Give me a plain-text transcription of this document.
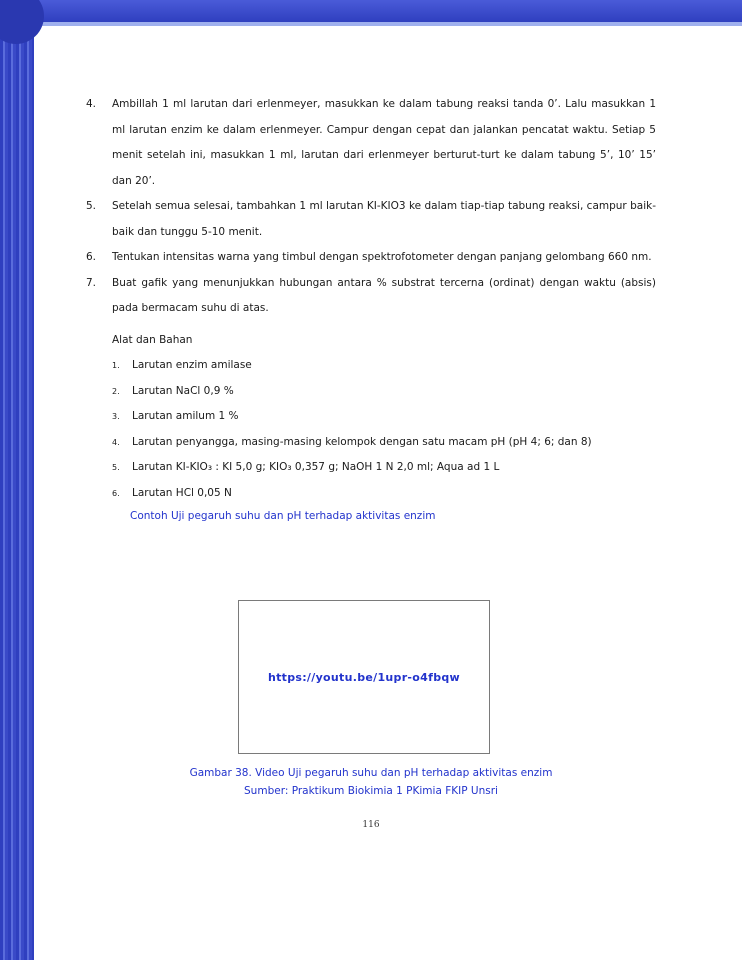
4.	Ambillah 1 ml larutan dari erlenmeyer, masukkan ke dalam tabung reaksi tanda 0’. Lalu masukkan 1 ml larutan enzim ke dalam erlenmeyer. Campur dengan cepat dan jalankan pencatat waktu. Setiap 5 menit setelah ini, masukkan 1 ml, larutan dari erlenmeyer berturut-turt ke dalam tabung 5’, 10’ 15’ dan 20’.
5.	Setelah semua selesai, tambahkan 1 ml larutan KI-KIO3 ke dalam tiap-tiap tabung reaksi, campur baik-baik dan tunggu 5-10 menit.
6.	Tentukan intensitas warna yang timbul dengan spektrofotometer dengan panjang gelombang 660 nm.
7.	Buat gafik yang menunjukkan hubungan antara % substrat tercerna (ordinat) dengan waktu (absis) pada bermacam suhu di atas.
Alat dan Bahan
1.	Larutan enzim amilase
2.	Larutan NaCl 0,9 %
3.	Larutan amilum 1 %
4.	Larutan penyangga, masing-masing kelompok dengan satu macam pH (pH 4; 6; dan 8)
5.	Larutan KI-KIO₃ : KI 5,0 g; KIO₃ 0,357 g; NaOH 1 N 2,0 ml; Aqua ad 1 L
6.	Larutan HCl 0,05 N
Contoh Uji pegaruh suhu dan pH terhadap aktivitas enzim
https://youtu.be/1upr-o4fbqw
Gambar 38. Video Uji pegaruh suhu dan pH terhadap aktivitas enzim
Sumber: Praktikum Biokimia 1 PKimia FKIP Unsri
116
